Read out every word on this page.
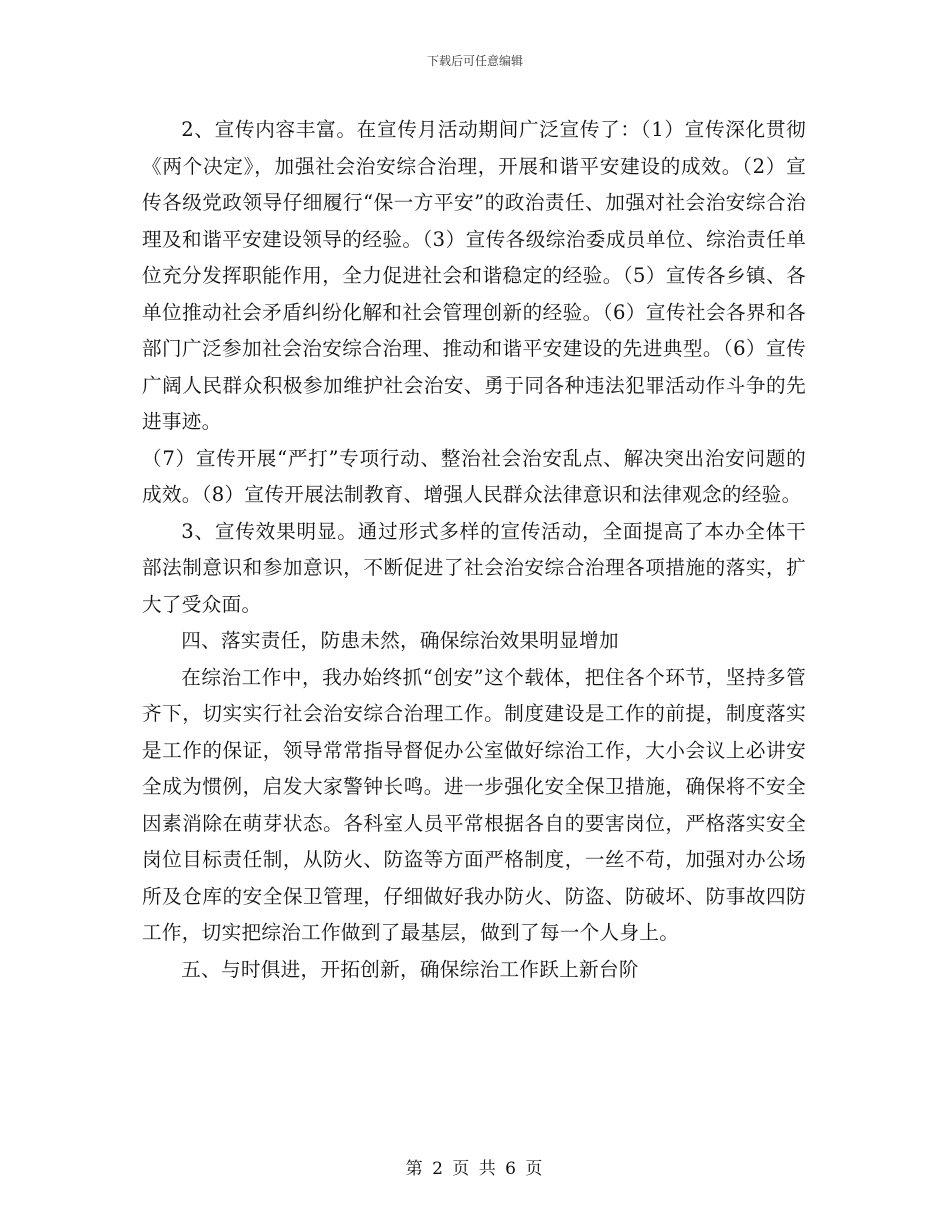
下载后可任意编辑

2、宣传内容丰富。在宣传月活动期间广泛宣传了：（1）宣传深化贯彻《两个决定》，加强社会治安综合治理，开展和谐平安建设的成效。（2）宣传各级党政领导仔细履行“保一方平安”的政治责任、加强对社会治安综合治理及和谐平安建设领导的经验。（3）宣传各级综治委成员单位、综治责任单位充分发挥职能作用，全力促进社会和谐稳定的经验。（5）宣传各乡镇、各单位推动社会矛盾纠纷化解和社会管理创新的经验。（6）宣传社会各界和各部门广泛参加社会治安综合治理、推动和谐平安建设的先进典型。（6）宣传广阔人民群众积极参加维护社会治安、勇于同各种违法犯罪活动作斗争的先进事迹。

（7）宣传开展“严打”专项行动、整治社会治安乱点、解决突出治安问题的成效。（8）宣传开展法制教育、增强人民群众法律意识和法律观念的经验。

3、宣传效果明显。通过形式多样的宣传活动，全面提高了本办全体干部法制意识和参加意识，不断促进了社会治安综合治理各项措施的落实，扩大了受众面。

四、落实责任，防患未然，确保综治效果明显增加

在综治工作中，我办始终抓“创安”这个载体，把住各个环节，坚持多管齐下，切实实行社会治安综合治理工作。制度建设是工作的前提，制度落实是工作的保证，领导常常指导督促办公室做好综治工作，大小会议上必讲安全成为惯例，启发大家警钟长鸣。进一步强化安全保卫措施，确保将不安全因素消除在萌芽状态。各科室人员平常根据各自的要害岗位，严格落实安全岗位目标责任制，从防火、防盗等方面严格制度，一丝不苟，加强对办公场所及仓库的安全保卫管理，仔细做好我办防火、防盗、防破坏、防事故四防工作，切实把综治工作做到了最基层，做到了每一个人身上。

五、与时俱进，开拓创新，确保综治工作跃上新台阶

第 2 页 共 6 页
